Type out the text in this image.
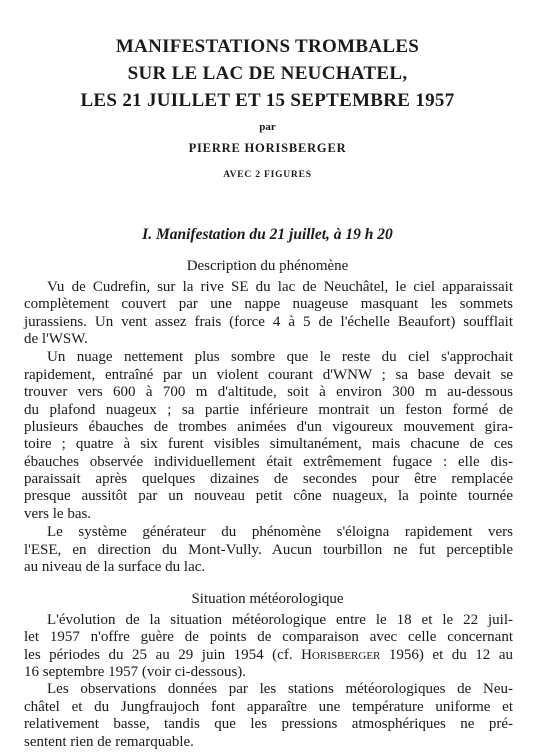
MANIFESTATIONS TROMBALES
SUR LE LAC DE NEUCHATEL,
LES 21 JUILLET ET 15 SEPTEMBRE 1957
par
PIERRE HORISBERGER
AVEC 2 FIGURES
I. Manifestation du 21 juillet, à 19 h 20
Description du phénomène
Vu de Cudrefin, sur la rive SE du lac de Neuchâtel, le ciel apparaissait
complètement couvert par une nappe nuageuse masquant les sommets
jurassiens. Un vent assez frais (force 4 à 5 de l'échelle Beaufort) soufflait
de l'WSW.
Un nuage nettement plus sombre que le reste du ciel s'approchait
rapidement, entraîné par un violent courant d'WNW ; sa base devait se
trouver vers 600 à 700 m d'altitude, soit à environ 300 m au-dessous
du plafond nuageux ; sa partie inférieure montrait un feston formé de
plusieurs ébauches de trombes animées d'un vigoureux mouvement gira-
toire ; quatre à six furent visibles simultanément, mais chacune de ces
ébauches observée individuellement était extrêmement fugace : elle dis-
paraissait après quelques dizaines de secondes pour être remplacée
presque aussitôt par un nouveau petit cône nuageux, la pointe tournée
vers le bas.
Le système générateur du phénomène s'éloigna rapidement vers
l'ESE, en direction du Mont-Vully. Aucun tourbillon ne fut perceptible
au niveau de la surface du lac.
Situation météorologique
L'évolution de la situation météorologique entre le 18 et le 22 juil-
let 1957 n'offre guère de points de comparaison avec celle concernant
les périodes du 25 au 29 juin 1954 (cf. Horisberger 1956) et du 12 au
16 septembre 1957 (voir ci-dessous).
Les observations données par les stations météorologiques de Neu-
châtel et du Jungfraujoch font apparaître une température uniforme et
relativement basse, tandis que les pressions atmosphériques ne pré-
sentent rien de remarquable.
